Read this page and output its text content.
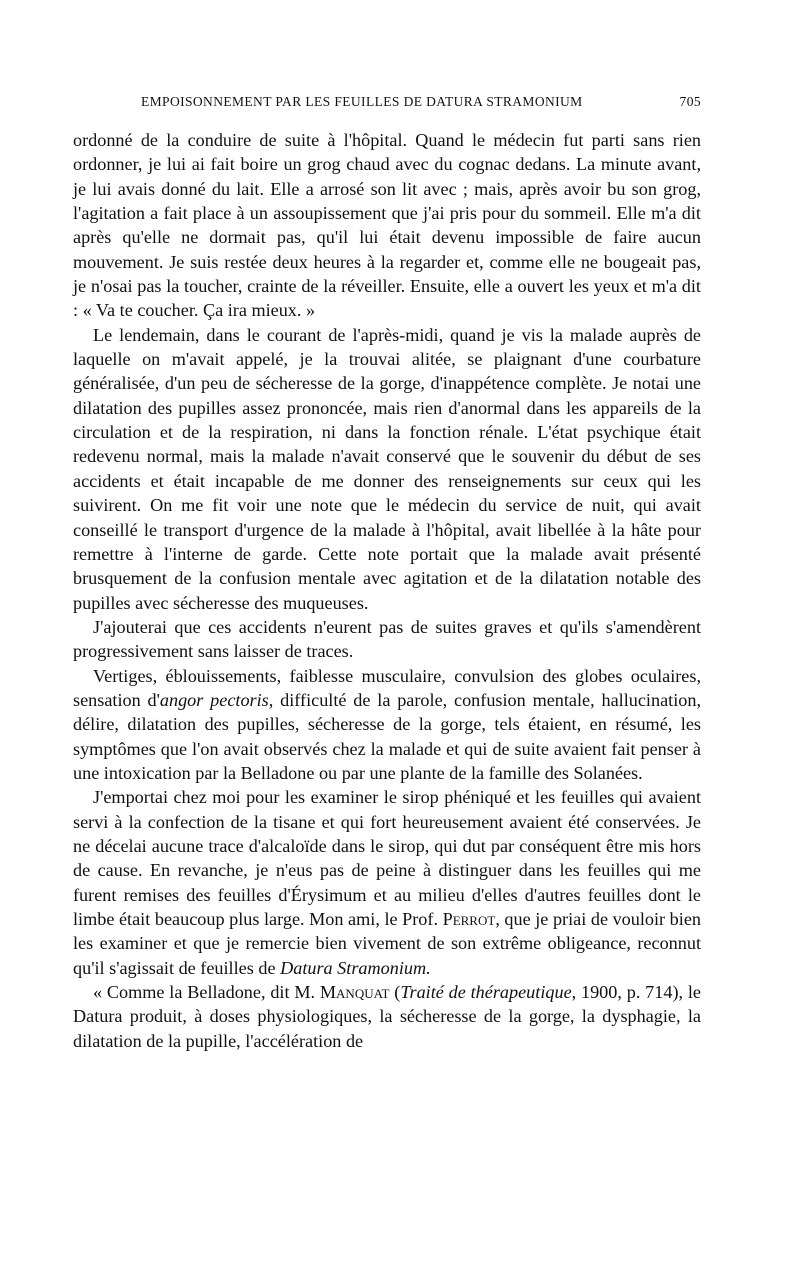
EMPOISONNEMENT PAR LES FEUILLES DE DATURA STRAMONIUM	705

ordonné de la conduire de suite à l'hôpital. Quand le médecin fut parti sans rien ordonner, je lui ai fait boire un grog chaud avec du cognac dedans. La minute avant, je lui avais donné du lait. Elle a arrosé son lit avec ; mais, après avoir bu son grog, l'agitation a fait place à un assoupissement que j'ai pris pour du sommeil. Elle m'a dit après qu'elle ne dormait pas, qu'il lui était devenu impossible de faire aucun mouvement. Je suis restée deux heures à la regarder et, comme elle ne bougeait pas, je n'osai pas la toucher, crainte de la réveiller. Ensuite, elle a ouvert les yeux et m'a dit : « Va te coucher. Ça ira mieux. »

Le lendemain, dans le courant de l'après-midi, quand je vis la malade auprès de laquelle on m'avait appelé, je la trouvai alitée, se plaignant d'une courbature généralisée, d'un peu de sécheresse de la gorge, d'inappétence complète. Je notai une dilatation des pupilles assez prononcée, mais rien d'anormal dans les appareils de la circulation et de la respiration, ni dans la fonction rénale. L'état psychique était redevenu normal, mais la malade n'avait conservé que le souvenir du début de ses accidents et était incapable de me donner des renseignements sur ceux qui les suivirent. On me fit voir une note que le médecin du service de nuit, qui avait conseillé le transport d'urgence de la malade à l'hôpital, avait libellée à la hâte pour remettre à l'interne de garde. Cette note portait que la malade avait présenté brusquement de la confusion mentale avec agitation et de la dilatation notable des pupilles avec sécheresse des muqueuses.

J'ajouterai que ces accidents n'eurent pas de suites graves et qu'ils s'amendèrent progressivement sans laisser de traces.

Vertiges, éblouissements, faiblesse musculaire, convulsion des globes oculaires, sensation d'angor pectoris, difficulté de la parole, confusion mentale, hallucination, délire, dilatation des pupilles, sécheresse de la gorge, tels étaient, en résumé, les symptômes que l'on avait observés chez la malade et qui de suite avaient fait penser à une intoxication par la Belladone ou par une plante de la famille des Solanées.

J'emportai chez moi pour les examiner le sirop phéniqué et les feuilles qui avaient servi à la confection de la tisane et qui fort heureusement avaient été conservées. Je ne décelai aucune trace d'alcaloïde dans le sirop, qui dut par conséquent être mis hors de cause. En revanche, je n'eus pas de peine à distinguer dans les feuilles qui me furent remises des feuilles d'Érysimum et au milieu d'elles d'autres feuilles dont le limbe était beaucoup plus large. Mon ami, le Prof. Perrot, que je priai de vouloir bien les examiner et que je remercie bien vivement de son extrême obligeance, reconnut qu'il s'agissait de feuilles de Datura Stramonium.

« Comme la Belladone, dit M. Manquat (Traité de thérapeutique, 1900, p. 714), le Datura produit, à doses physiologiques, la sécheresse de la gorge, la dysphagie, la dilatation de la pupille, l'accélération de
